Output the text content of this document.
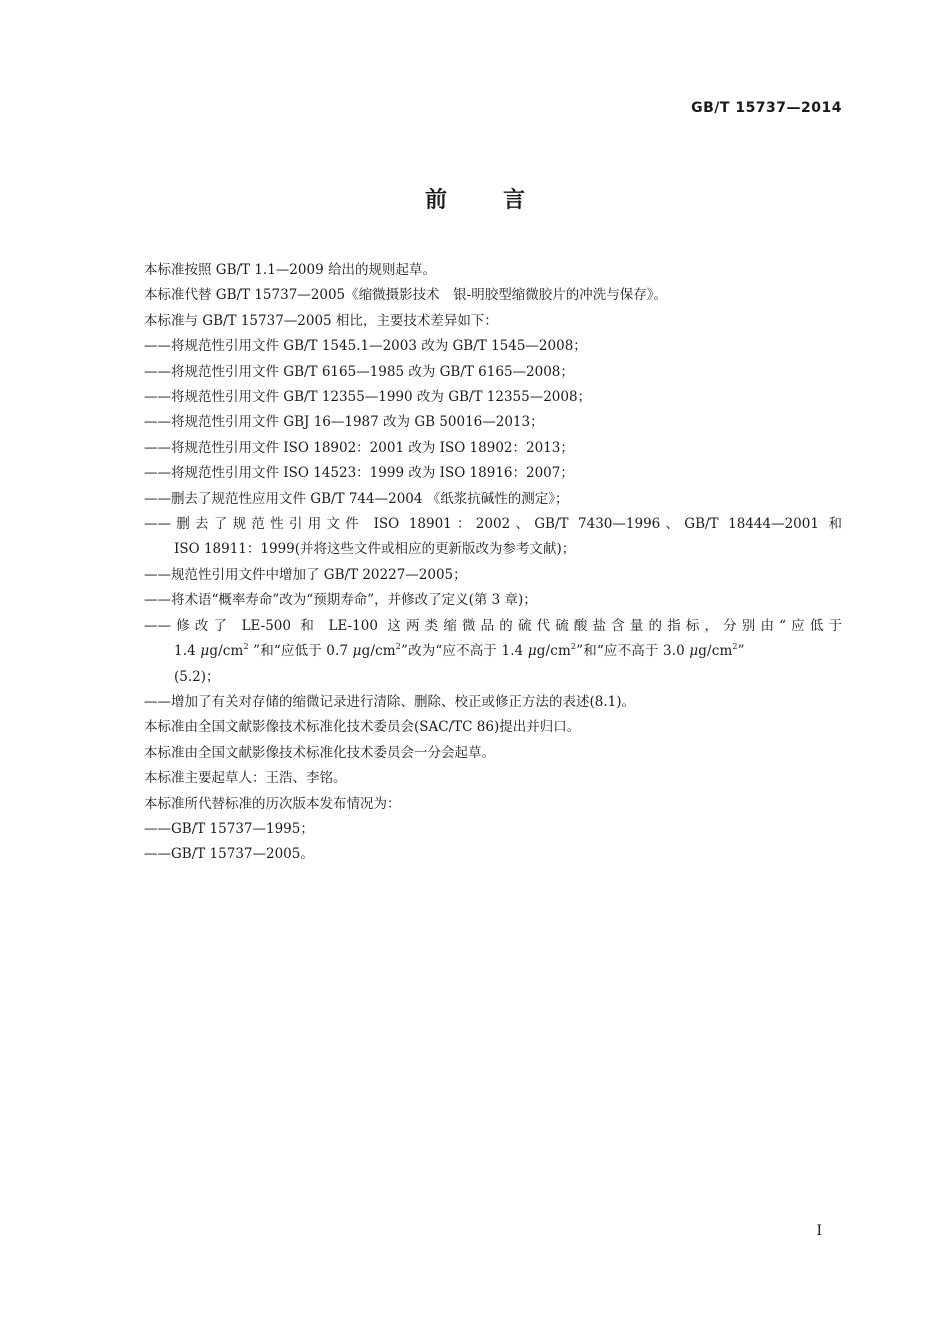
GB/T 15737—2014
前言
本标准按照 GB/T 1.1—2009 给出的规则起草。
本标准代替 GB/T 15737—2005《缩微摄影技术　银-明胶型缩微胶片的冲洗与保存》。
本标准与 GB/T 15737—2005 相比，主要技术差异如下：
——将规范性引用文件 GB/T 1545.1—2003 改为 GB/T 1545—2008；
——将规范性引用文件 GB/T 6165—1985 改为 GB/T 6165—2008；
——将规范性引用文件 GB/T 12355—1990 改为 GB/T 12355—2008；
——将规范性引用文件 GBJ 16—1987 改为 GB 50016—2013；
——将规范性引用文件 ISO 18902：2001 改为 ISO 18902：2013；
——将规范性引用文件 ISO 14523：1999 改为 ISO 18916：2007；
——删去了规范性应用文件 GB/T 744—2004 《纸浆抗碱性的测定》；
——删去了规范性引用文件 ISO 18901：2002、GB/T 7430—1996、GB/T 18444—2001 和
ISO 18911：1999(并将这些文件或相应的更新版改为参考文献)；
——规范性引用文件中增加了 GB/T 20227—2005；
——将术语“概率寿命”改为“预期寿命”，并修改了定义(第 3 章)；
——修改了 LE-500 和 LE-100 这两类缩微品的硫代硫酸盐含量的指标，分别由“应低于
1.4 $\mu g/cm^2$ ”和“应低于 0.7 $\mu g/cm^2$”改为“应不高于 1.4 $\mu g/cm^2$”和“应不高于 3.0 $\mu g/cm^2$”
(5.2)；
——增加了有关对存储的缩微记录进行清除、删除、校正或修正方法的表述(8.1)。
本标准由全国文献影像技术标准化技术委员会(SAC/TC 86)提出并归口。
本标准由全国文献影像技术标准化技术委员会一分会起草。
本标准主要起草人：王浩、李铭。
本标准所代替标准的历次版本发布情况为：
——GB/T 15737—1995；
——GB/T 15737—2005。
I
